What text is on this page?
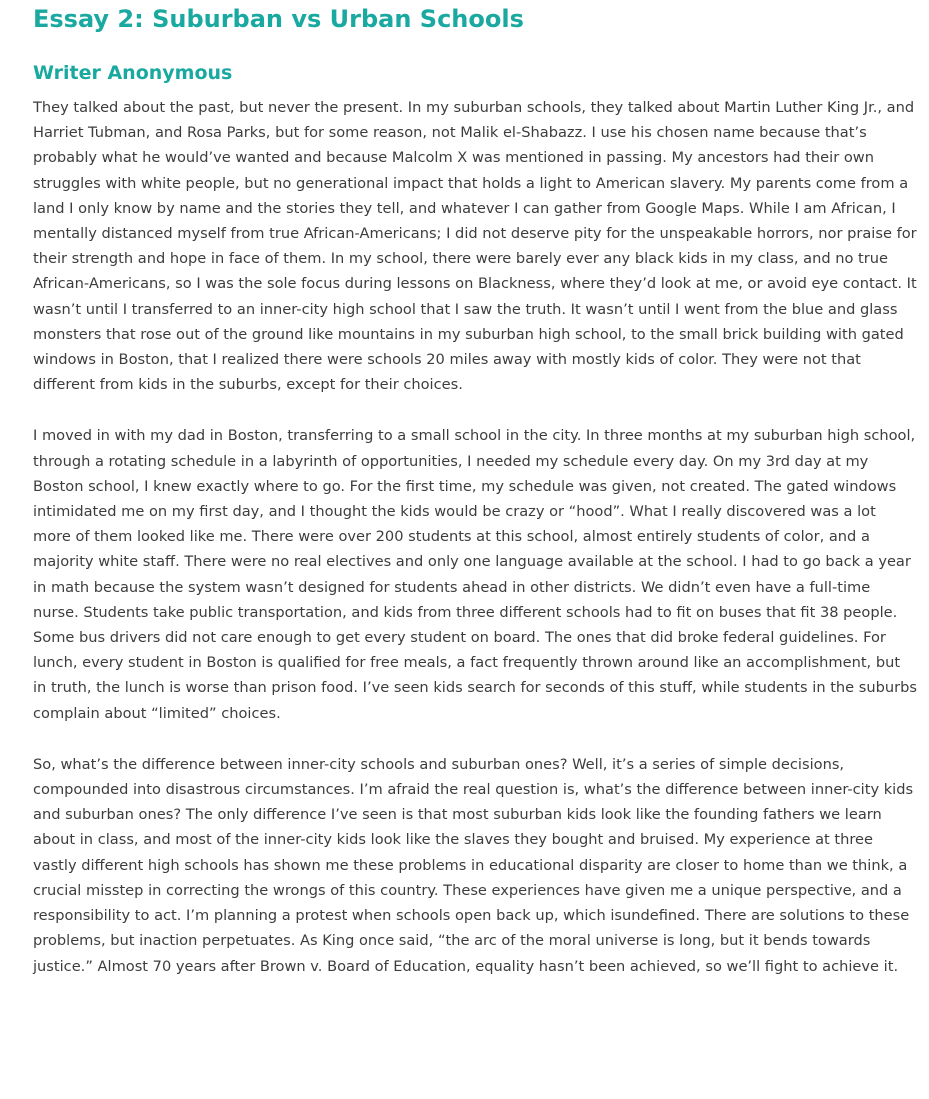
Essay 2: Suburban vs Urban Schools
Writer Anonymous

They talked about the past, but never the present. In my suburban schools, they talked about Martin Luther King Jr., and Harriet Tubman, and Rosa Parks, but for some reason, not Malik el-Shabazz. I use his chosen name because that’s probably what he would’ve wanted and because Malcolm X was mentioned in passing. My ancestors had their own struggles with white people, but no generational impact that holds a light to American slavery. My parents come from a land I only know by name and the stories they tell, and whatever I can gather from Google Maps. While I am African, I mentally distanced myself from true African-Americans; I did not deserve pity for the unspeakable horrors, nor praise for their strength and hope in face of them. In my school, there were barely ever any black kids in my class, and no true African-Americans, so I was the sole focus during lessons on Blackness, where they’d look at me, or avoid eye contact. It wasn’t until I transferred to an inner-city high school that I saw the truth. It wasn’t until I went from the blue and glass monsters that rose out of the ground like mountains in my suburban high school, to the small brick building with gated windows in Boston, that I realized there were schools 20 miles away with mostly kids of color. They were not that different from kids in the suburbs, except for their choices.

I moved in with my dad in Boston, transferring to a small school in the city. In three months at my suburban high school, through a rotating schedule in a labyrinth of opportunities, I needed my schedule every day. On my 3rd day at my Boston school, I knew exactly where to go. For the first time, my schedule was given, not created. The gated windows intimidated me on my first day, and I thought the kids would be crazy or “hood”. What I really discovered was a lot more of them looked like me. There were over 200 students at this school, almost entirely students of color, and a majority white staff. There were no real electives and only one language available at the school. I had to go back a year in math because the system wasn’t designed for students ahead in other districts. We didn’t even have a full-time nurse. Students take public transportation, and kids from three different schools had to fit on buses that fit 38 people. Some bus drivers did not care enough to get every student on board. The ones that did broke federal guidelines. For lunch, every student in Boston is qualified for free meals, a fact frequently thrown around like an accomplishment, but in truth, the lunch is worse than prison food. I’ve seen kids search for seconds of this stuff, while students in the suburbs complain about “limited” choices.

So, what’s the difference between inner-city schools and suburban ones? Well, it’s a series of simple decisions, compounded into disastrous circumstances. I’m afraid the real question is, what’s the difference between inner-city kids and suburban ones? The only difference I’ve seen is that most suburban kids look like the founding fathers we learn about in class, and most of the inner-city kids look like the slaves they bought and bruised. My experience at three vastly different high schools has shown me these problems in educational disparity are closer to home than we think, a crucial misstep in correcting the wrongs of this country. These experiences have given me a unique perspective, and a responsibility to act. I’m planning a protest when schools open back up, which isundefined. There are solutions to these problems, but inaction perpetuates. As King once said, “the arc of the moral universe is long, but it bends towards justice.” Almost 70 years after Brown v. Board of Education, equality hasn’t been achieved, so we’ll fight to achieve it.
